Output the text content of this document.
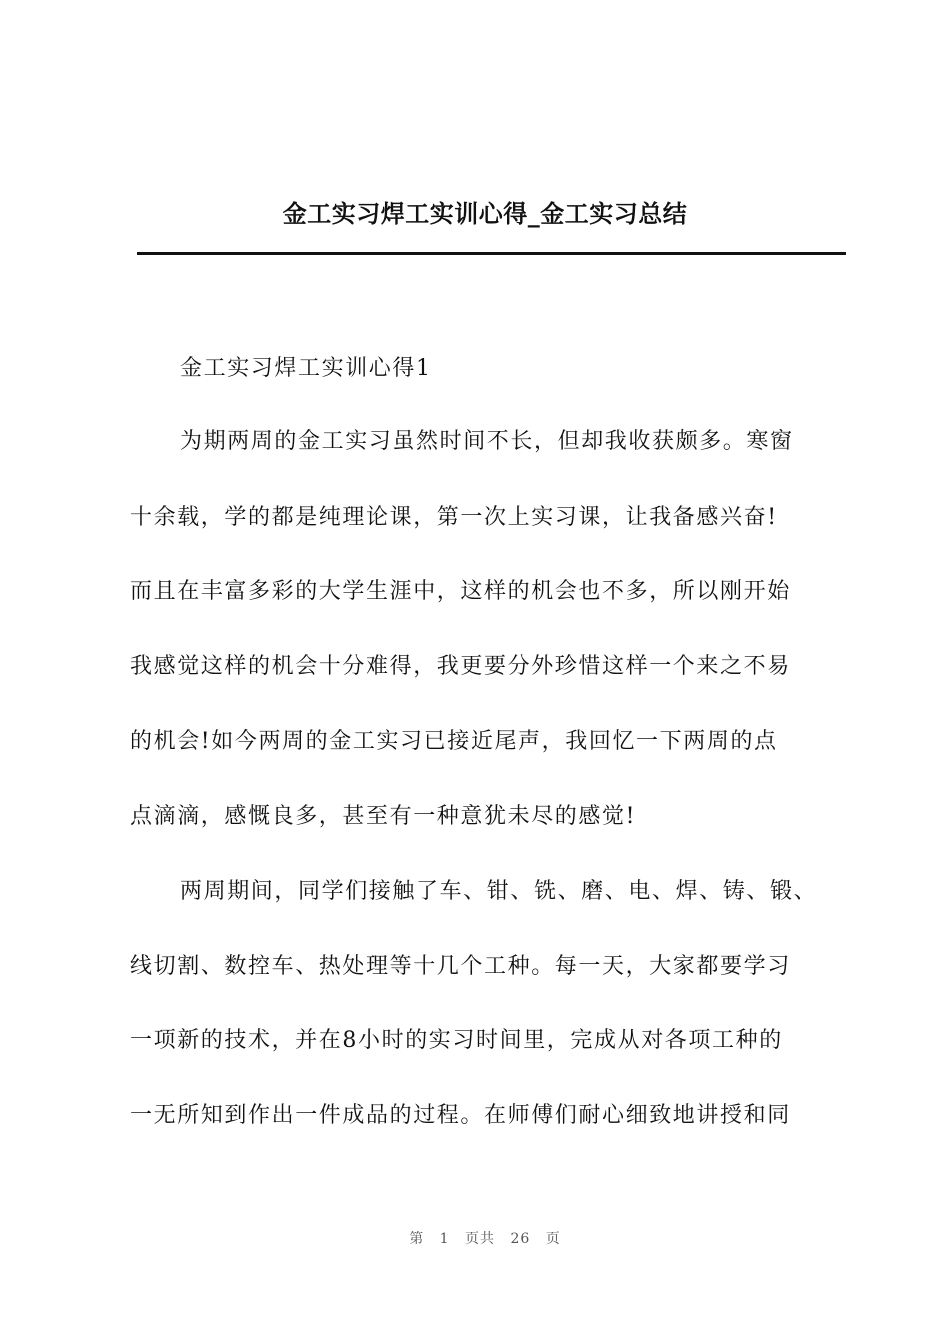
金工实习焊工实训心得_金工实习总结
金工实习焊工实训心得1
为期两周的金工实习虽然时间不长，但却我收获颇多。寒窗
十余载，学的都是纯理论课，第一次上实习课，让我备感兴奋!
而且在丰富多彩的大学生涯中，这样的机会也不多，所以刚开始
我感觉这样的机会十分难得，我更要分外珍惜这样一个来之不易
的机会!如今两周的金工实习已接近尾声，我回忆一下两周的点
点滴滴，感慨良多，甚至有一种意犹未尽的感觉!
两周期间，同学们接触了车、钳、铣、磨、电、焊、铸、锻、
线切割、数控车、热处理等十几个工种。每一天，大家都要学习
一项新的技术，并在8小时的实习时间里，完成从对各项工种的
一无所知到作出一件成品的过程。在师傅们耐心细致地讲授和同
第 1 页共 26 页
